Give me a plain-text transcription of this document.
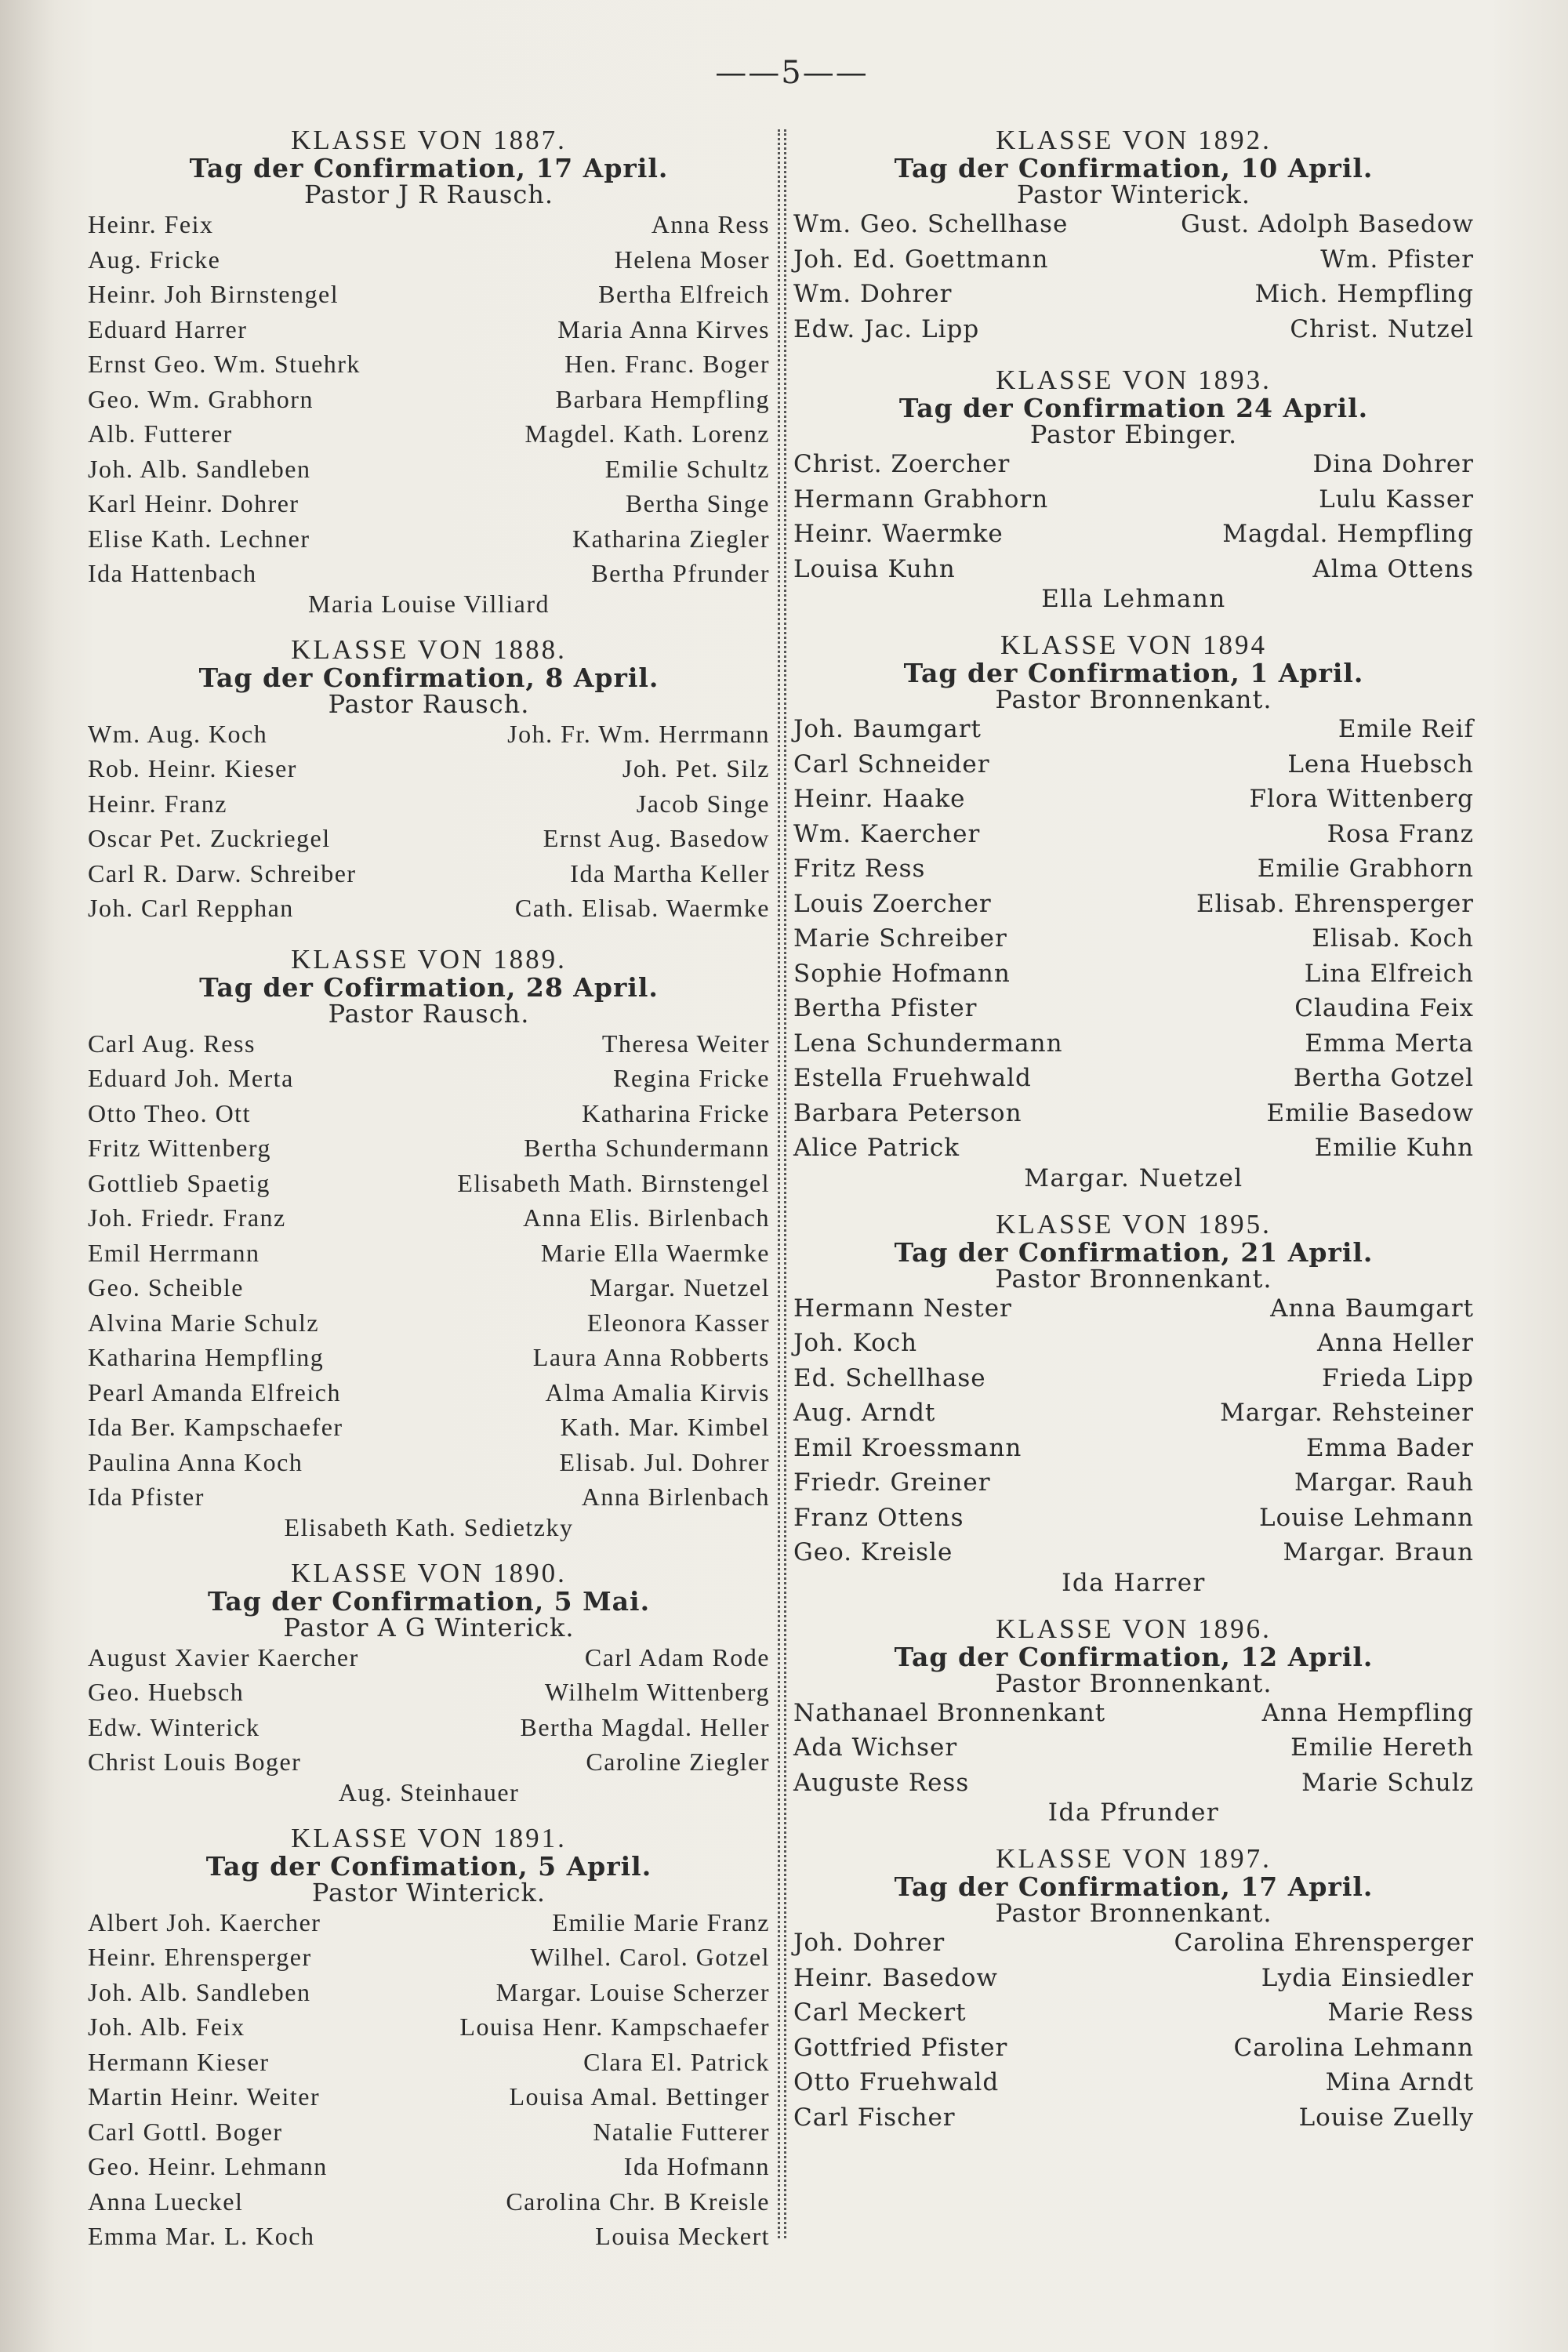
——5——
KLASSE VON 1887.
Tag der Confirmation, 17 April.
Pastor J R Rausch.
Heinr. Feix	Anna Ress
Aug. Fricke	Helena Moser
Heinr. Joh Birnstengel	Bertha Elfreich
Eduard Harrer	Maria Anna Kirves
Ernst Geo. Wm. Stuehrk	Hen. Franc. Boger
Geo. Wm. Grabhorn	Barbara Hempfling
Alb. Futterer	Magdel. Kath. Lorenz
Joh. Alb. Sandleben	Emilie Schultz
Karl Heinr. Dohrer	Bertha Singe
Elise Kath. Lechner	Katharina Ziegler
Ida Hattenbach	Bertha Pfrunder
Maria Louise Villiard
KLASSE VON 1888.
Tag der Confirmation, 8 April.
Pastor Rausch.
Wm. Aug. Koch	Joh. Fr. Wm. Herrmann
Rob. Heinr. Kieser	Joh. Pet. Silz
Heinr. Franz	Jacob Singe
Oscar Pet. Zuckriegel	Ernst Aug. Basedow
Carl R. Darw. Schreiber	Ida Martha Keller
Joh. Carl Repphan	Cath. Elisab. Waermke
KLASSE VON 1889.
Tag der Cofirmation, 28 April.
Pastor Rausch.
Carl Aug. Ress	Theresa Weiter
Eduard Joh. Merta	Regina Fricke
Otto Theo. Ott	Katharina Fricke
Fritz Wittenberg	Bertha Schundermann
Gottlieb Spaetig	Elisabeth Math. Birnstengel
Joh. Friedr. Franz	Anna Elis. Birlenbach
Emil Herrmann	Marie Ella Waermke
Geo. Scheible	Margar. Nuetzel
Alvina Marie Schulz	Eleonora Kasser
Katharina Hempfling	Laura Anna Robberts
Pearl Amanda Elfreich	Alma Amalia Kirvis
Ida Ber. Kampschaefer	Kath. Mar. Kimbel
Paulina Anna Koch	Elisab. Jul. Dohrer
Ida Pfister	Anna Birlenbach
Elisabeth Kath. Sedietzky
KLASSE VON 1890.
Tag der Confirmation, 5 Mai.
Pastor A G Winterick.
August Xavier Kaercher	Carl Adam Rode
Geo. Huebsch	Wilhelm Wittenberg
Edw. Winterick	Bertha Magdal. Heller
Christ Louis Boger	Caroline Ziegler
Aug. Steinhauer
KLASSE VON 1891.
Tag der Confimation, 5 April.
Pastor Winterick.
Albert Joh. Kaercher	Emilie Marie Franz
Heinr. Ehrensperger	Wilhel. Carol. Gotzel
Joh. Alb. Sandleben	Margar. Louise Scherzer
Joh. Alb. Feix	Louisa Henr. Kampschaefer
Hermann Kieser	Clara El. Patrick
Martin Heinr. Weiter	Louisa Amal. Bettinger
Carl Gottl. Boger	Natalie Futterer
Geo. Heinr. Lehmann	Ida Hofmann
Anna Lueckel	Carolina Chr. B Kreisle
Emma Mar. L. Koch	Louisa Meckert
KLASSE VON 1892.
Tag der Confirmation, 10 April.
Pastor Winterick.
Wm. Geo. Schellhase	Gust. Adolph Basedow
Joh. Ed. Goettmann	Wm. Pfister
Wm. Dohrer	Mich. Hempfling
Edw. Jac. Lipp	Christ. Nutzel
KLASSE VON 1893.
Tag der Confirmation 24 April.
Pastor Ebinger.
Christ. Zoercher	Dina Dohrer
Hermann Grabhorn	Lulu Kasser
Heinr. Waermke	Magdal. Hempfling
Louisa Kuhn	Alma Ottens
Ella Lehmann
KLASSE VON 1894
Tag der Confirmation, 1 April.
Pastor Bronnenkant.
Joh. Baumgart	Emile Reif
Carl Schneider	Lena Huebsch
Heinr. Haake	Flora Wittenberg
Wm. Kaercher	Rosa Franz
Fritz Ress	Emilie Grabhorn
Louis Zoercher	Elisab. Ehrensperger
Marie Schreiber	Elisab. Koch
Sophie Hofmann	Lina Elfreich
Bertha Pfister	Claudina Feix
Lena Schundermann	Emma Merta
Estella Fruehwald	Bertha Gotzel
Barbara Peterson	Emilie Basedow
Alice Patrick	Emilie Kuhn
Margar. Nuetzel
KLASSE VON 1895.
Tag der Confirmation, 21 April.
Pastor Bronnenkant.
Hermann Nester	Anna Baumgart
Joh. Koch	Anna Heller
Ed. Schellhase	Frieda Lipp
Aug. Arndt	Margar. Rehsteiner
Emil Kroessmann	Emma Bader
Friedr. Greiner	Margar. Rauh
Franz Ottens	Louise Lehmann
Geo. Kreisle	Margar. Braun
Ida Harrer
KLASSE VON 1896.
Tag der Confirmation, 12 April.
Pastor Bronnenkant.
Nathanael Bronnenkant	Anna Hempfling
Ada Wichser	Emilie Hereth
Auguste Ress	Marie Schulz
Ida Pfrunder
KLASSE VON 1897.
Tag der Confirmation, 17 April.
Pastor Bronnenkant.
Joh. Dohrer	Carolina Ehrensperger
Heinr. Basedow	Lydia Einsiedler
Carl Meckert	Marie Ress
Gottfried Pfister	Carolina Lehmann
Otto Fruehwald	Mina Arndt
Carl Fischer	Louise Zuelly
